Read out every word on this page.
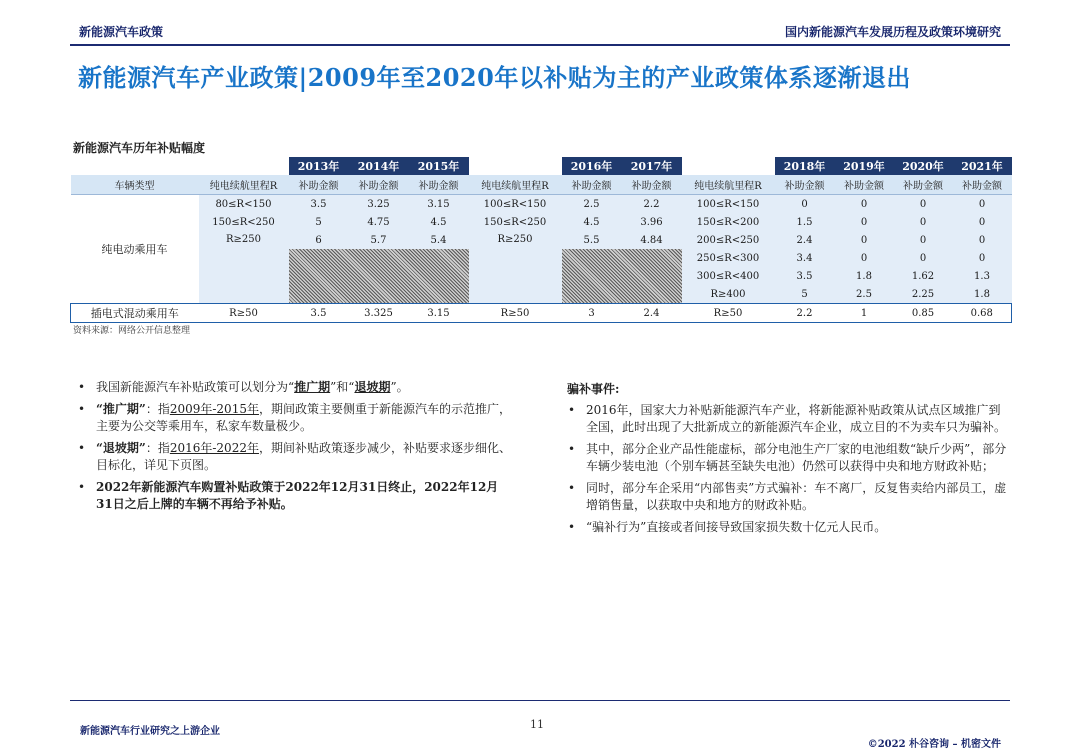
新能源汽车政策	国内新能源汽车发展历程及政策环境研究
新能源汽车产业政策|2009年至2020年以补贴为主的产业政策体系逐渐退出
新能源汽车历年补贴幅度
		2013年	2014年	2015年		2016年	2017年		2018年	2019年	2020年	2021年
车辆类型	纯电续航里程R	补助金额	补助金额	补助金额	纯电续航里程R	补助金额	补助金额	纯电续航里程R	补助金额	补助金额	补助金额	补助金额
纯电动乘用车	80≤R<150	3.5	3.25	3.15	100≤R<150	2.5	2.2	100≤R<150	0	0	0	0
	150≤R<250	5	4.75	4.5	150≤R<250	4.5	3.96	150≤R<200	1.5	0	0	0
	R≥250	6	5.7	5.4	R≥250	5.5	4.84	200≤R<250	2.4	0	0	0
								250≤R<300	3.4	0	0	0
								300≤R<400	3.5	1.8	1.62	1.3
								R≥400	5	2.5	2.25	1.8
插电式混动乘用车	R≥50	3.5	3.325	3.15	R≥50	3	2.4	R≥50	2.2	1	0.85	0.68
资料来源：网络公开信息整理
• 我国新能源汽车补贴政策可以划分为“推广期”和“退坡期”。
• “推广期”：指2009年-2015年，期间政策主要侧重于新能源汽车的示范推广，主要为公交等乘用车，私家车数量极少。
• “退坡期”：指2016年-2022年，期间补贴政策逐步减少，补贴要求逐步细化、目标化，详见下页图。
• 2022年新能源汽车购置补贴政策于2022年12月31日终止，2022年12月31日之后上牌的车辆不再给予补贴。
骗补事件:
• 2016年，国家大力补贴新能源汽车产业，将新能源补贴政策从试点区域推广到全国，此时出现了大批新成立的新能源汽车企业，成立目的不为卖车只为骗补。
• 其中，部分企业产品性能虚标，部分电池生产厂家的电池组数“缺斤少两”，部分车辆少装电池（个别车辆甚至缺失电池）仍然可以获得中央和地方财政补贴；
• 同时，部分车企采用“内部售卖”方式骗补：车不离厂，反复售卖给内部员工，虚增销售量，以获取中央和地方的财政补贴。
• “骗补行为”直接或者间接导致国家损失数十亿元人民币。
新能源汽车行业研究之上游企业
11
©2022 朴谷咨询 – 机密文件
